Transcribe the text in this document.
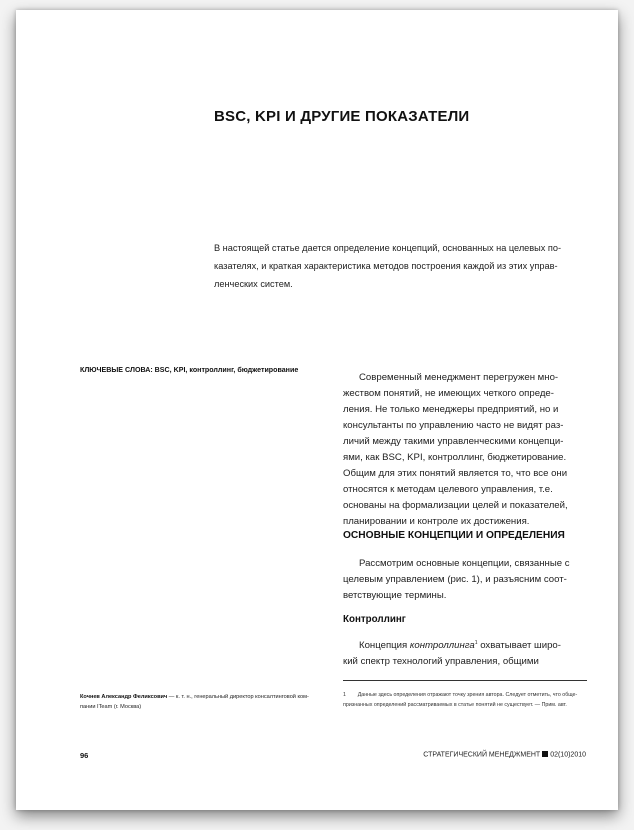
BSC, KPI И ДРУГИЕ ПОКАЗАТЕЛИ
В настоящей статье дается определение концепций, основанных на целевых по-
казателях, и краткая характеристика методов построения каждой из этих управ-
ленческих систем.
КЛЮЧЕВЫЕ СЛОВА: BSC, KPI, контроллинг, бюджетирование
Современный менеджмент перегружен мно-
жеством понятий, не имеющих четкого опреде-
ления. Не только менеджеры предприятий, но и
консультанты по управлению часто не видят раз-
личий между такими управленческими концепци-
ями, как BSC, KPI, контроллинг, бюджетирование.
Общим для этих понятий является то, что все они
относятся к методам целевого управления, т.е.
основаны на формализации целей и показателей,
планировании и контроле их достижения.
ОСНОВНЫЕ КОНЦЕПЦИИ И ОПРЕДЕЛЕНИЯ
Рассмотрим основные концепции, связанные с
целевым управлением (рис. 1), и разъясним соот-
ветствующие термины.
Контроллинг
Концепция контроллинга$^1$ охватывает широ-
кий спектр технологий управления, общими
1        Данные здесь определения отражают точку зрения автора. Следует отметить, что обще-
признанных определений рассматриваемых в статье понятий не существует. — Прим. авт.
Кочнев Александр Феликсович — к. т. н., генеральный директор консалтинговой ком-
пании ITeam (г. Москва)
96	СТРАТЕГИЧЕСКИЙ МЕНЕДЖМЕНТ 02(10)2010
